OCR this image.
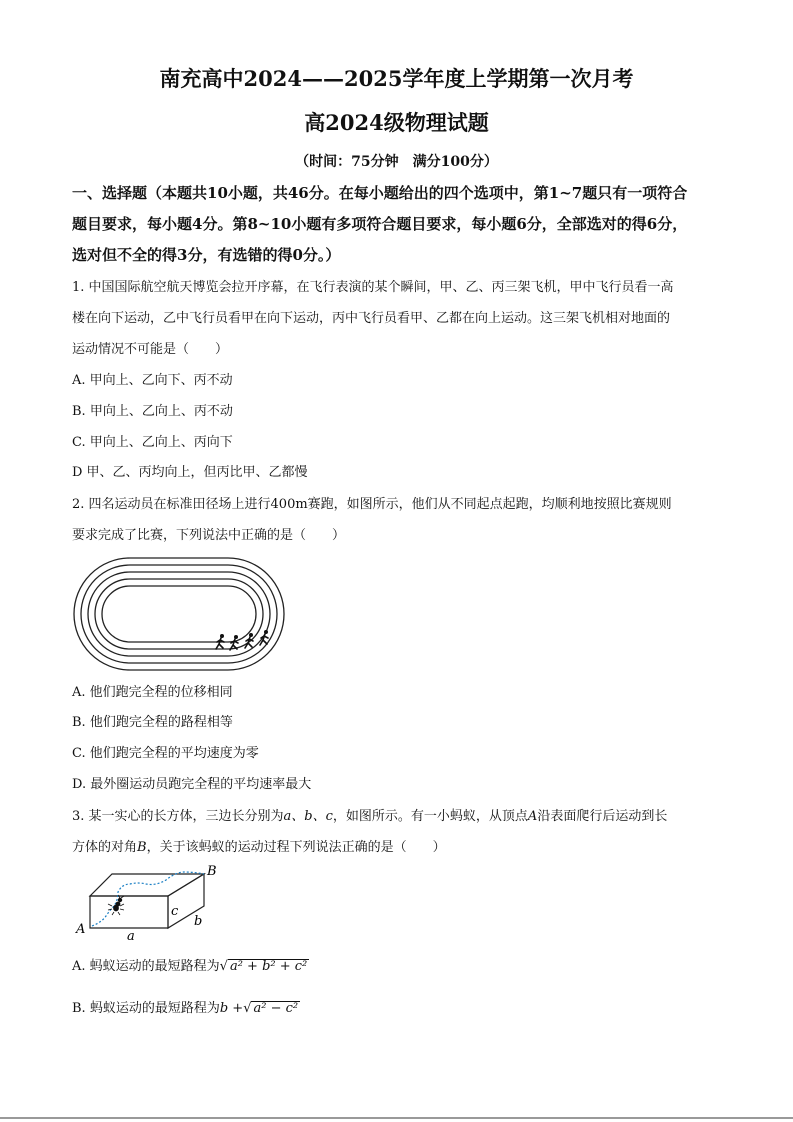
南充高中2024——2025学年度上学期第一次月考
高2024级物理试题
（时间：75分钟　满分100分）
一、选择题（本题共10小题，共46分。在每小题给出的四个选项中，第1~7题只有一项符合
题目要求，每小题4分。第8~10小题有多项符合题目要求，每小题6分，全部选对的得6分，
选对但不全的得3分，有选错的得0分。）
1. 中国国际航空航天博览会拉开序幕，在飞行表演的某个瞬间，甲、乙、丙三架飞机，甲中飞行员看一高
楼在向下运动，乙中飞行员看甲在向下运动，丙中飞行员看甲、乙都在向上运动。这三架飞机相对地面的
运动情况不可能是（　　）
A. 甲向上、乙向下、丙不动
B. 甲向上、乙向上、丙不动
C. 甲向上、乙向上、丙向下
D 甲、乙、丙均向上，但丙比甲、乙都慢
2. 四名运动员在标准田径场上进行400m赛跑，如图所示，他们从不同起点起跑，均顺利地按照比赛规则
要求完成了比赛，下列说法中正确的是（　　）
A. 他们跑完全程的位移相同
B. 他们跑完全程的路程相等
C. 他们跑完全程的平均速度为零
D. 最外圈运动员跑完全程的平均速率最大
3. 某一实心的长方体，三边长分别为a、b、c，如图所示。有一小蚂蚁，从顶点A沿表面爬行后运动到长
方体的对角B，关于该蚂蚁的运动过程下列说法正确的是（　　）
A
B
a
b
c
A. 蚂蚁运动的最短路程为√ a² + b² + c²
B. 蚂蚁运动的最短路程为b +√ a² − c²
